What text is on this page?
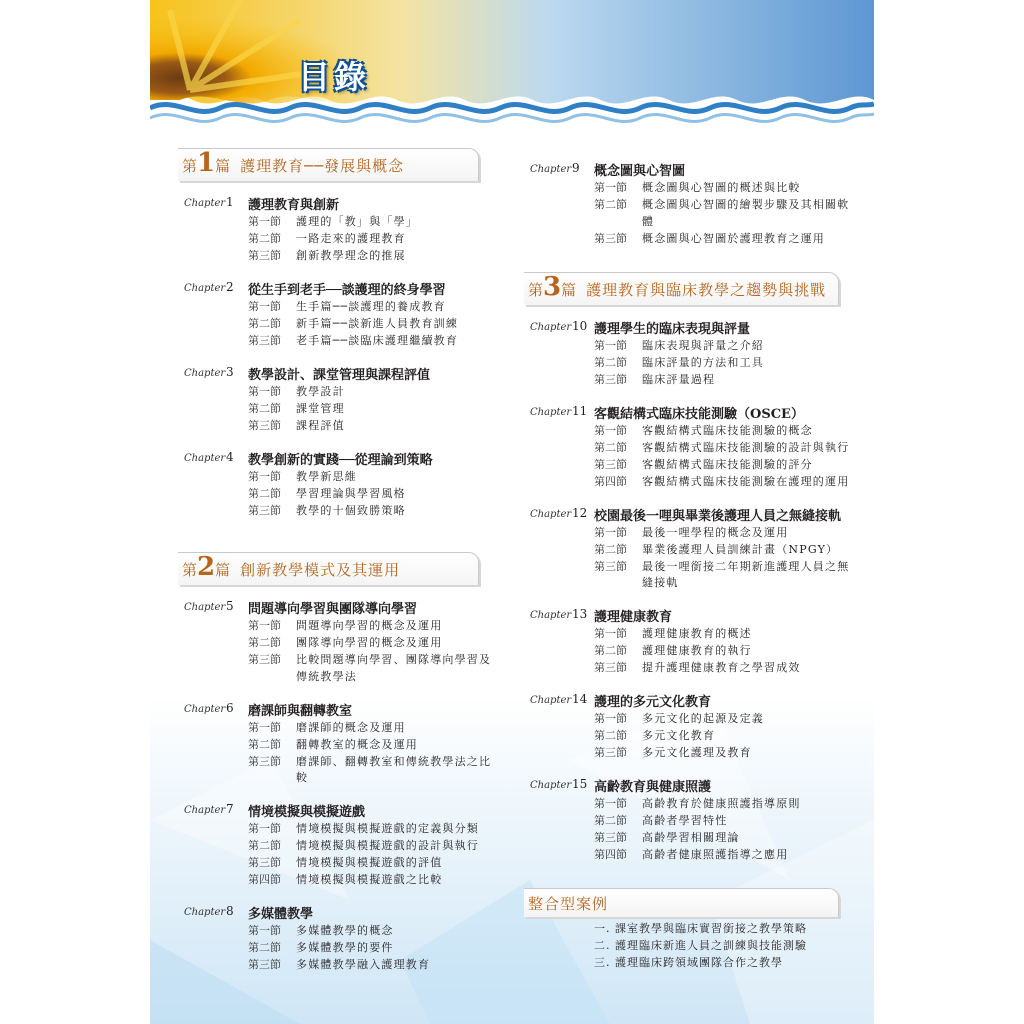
目錄
第1篇 護理教育──發展與概念
Chapter 1 護理教育與創新
第一節 護理的「教」與「學」
第二節 一路走來的護理教育
第三節 創新教學理念的推展
Chapter 2 從生手到老手──談護理的終身學習
第一節 生手篇──談護理的養成教育
第二節 新手篇──談新進人員教育訓練
第三節 老手篇──談臨床護理繼續教育
Chapter 3 教學設計、課堂管理與課程評值
第一節 教學設計
第二節 課堂管理
第三節 課程評值
Chapter 4 教學創新的實踐──從理論到策略
第一節 教學新思維
第二節 學習理論與學習風格
第三節 教學的十個致勝策略
第2篇 創新教學模式及其運用
Chapter 5 問題導向學習與團隊導向學習
第一節 問題導向學習的概念及運用
第二節 團隊導向學習的概念及運用
第三節 比較問題導向學習、團隊導向學習及傳統教學法
Chapter 6 磨課師與翻轉教室
第一節 磨課師的概念及運用
第二節 翻轉教室的概念及運用
第三節 磨課師、翻轉教室和傳統教學法之比較
Chapter 7 情境模擬與模擬遊戲
第一節 情境模擬與模擬遊戲的定義與分類
第二節 情境模擬與模擬遊戲的設計與執行
第三節 情境模擬與模擬遊戲的評值
第四節 情境模擬與模擬遊戲之比較
Chapter 8 多媒體教學
第一節 多媒體教學的概念
第二節 多媒體教學的要件
第三節 多媒體教學融入護理教育
Chapter 9 概念圖與心智圖
第一節 概念圖與心智圖的概述與比較
第二節 概念圖與心智圖的繪製步驟及其相關軟體
第三節 概念圖與心智圖於護理教育之運用
第3篇 護理教育與臨床教學之趨勢與挑戰
Chapter 10 護理學生的臨床表現與評量
第一節 臨床表現與評量之介紹
第二節 臨床評量的方法和工具
第三節 臨床評量過程
Chapter 11 客觀結構式臨床技能測驗（OSCE）
第一節 客觀結構式臨床技能測驗的概念
第二節 客觀結構式臨床技能測驗的設計與執行
第三節 客觀結構式臨床技能測驗的評分
第四節 客觀結構式臨床技能測驗在護理的運用
Chapter 12 校園最後一哩與畢業後護理人員之無縫接軌
第一節 最後一哩學程的概念及運用
第二節 畢業後護理人員訓練計畫（NPGY）
第三節 最後一哩銜接二年期新進護理人員之無縫接軌
Chapter 13 護理健康教育
第一節 護理健康教育的概述
第二節 護理健康教育的執行
第三節 提升護理健康教育之學習成效
Chapter 14 護理的多元文化教育
第一節 多元文化的起源及定義
第二節 多元文化教育
第三節 多元文化護理及教育
Chapter 15 高齡教育與健康照護
第一節 高齡教育於健康照護指導原則
第二節 高齡者學習特性
第三節 高齡學習相關理論
第四節 高齡者健康照護指導之應用
整合型案例
一. 課室教學與臨床實習銜接之教學策略
二. 護理臨床新進人員之訓練與技能測驗
三. 護理臨床跨領域團隊合作之教學
